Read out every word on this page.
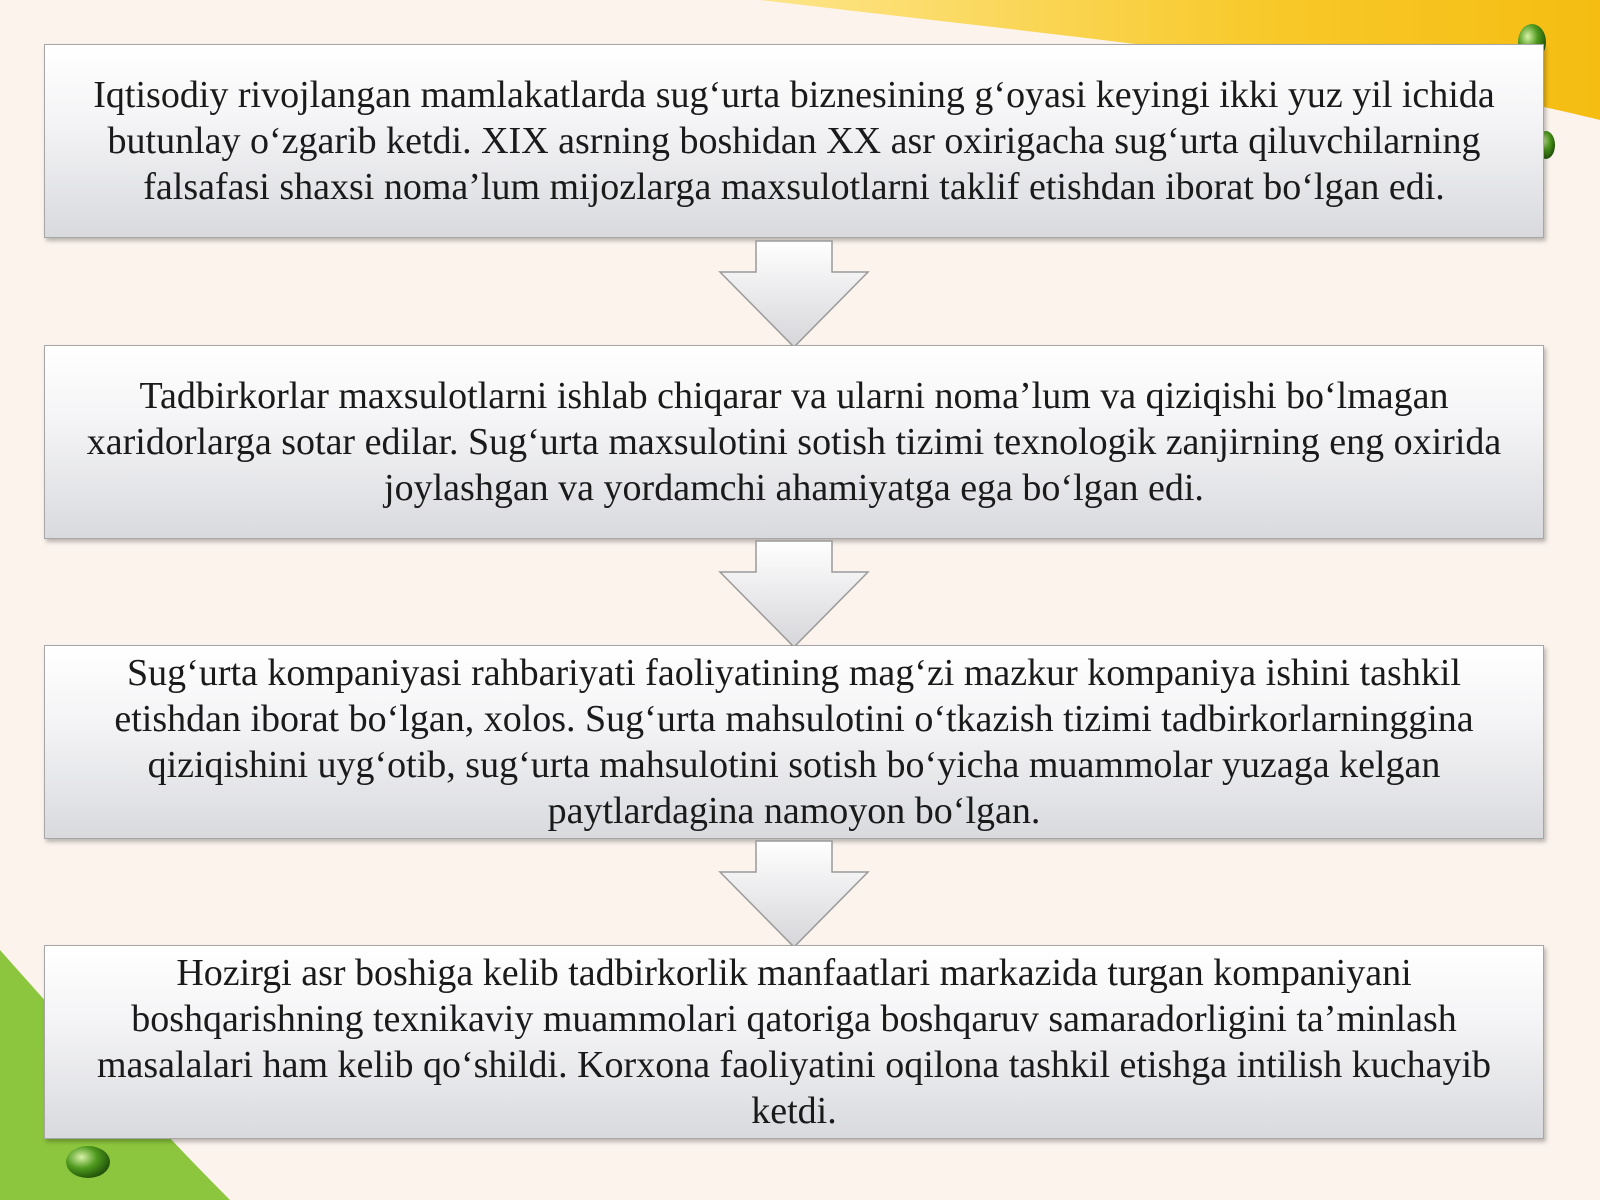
Iqtisodiy rivojlangan mamlakatlarda sug‘urta biznesining g‘oyasi keyingi ikki yuz yil ichida butunlay o‘zgarib ketdi. XIX asrning boshidan XX asr oxirigacha sug‘urta qiluvchilarning falsafasi shaxsi noma’lum mijozlarga maxsulotlarni taklif etishdan iborat bo‘lgan edi.
Tadbirkorlar maxsulotlarni ishlab chiqarar va ularni noma’lum va qiziqishi bo‘lmagan xaridorlarga sotar edilar. Sug‘urta maxsulotini sotish tizimi texnologik zanjirning eng oxirida joylashgan va yordamchi ahamiyatga ega bo‘lgan edi.
Sug‘urta kompaniyasi rahbariyati faoliyatining mag‘zi mazkur kompaniya ishini tashkil etishdan iborat bo‘lgan, xolos. Sug‘urta mahsulotini o‘tkazish tizimi tadbirkorlarninggina qiziqishini uyg‘otib, sug‘urta mahsulotini sotish bo‘yicha muammolar yuzaga kelgan paytlardagina namoyon bo‘lgan.
Hozirgi asr boshiga kelib tadbirkorlik manfaatlari markazida turgan kompaniyani boshqarishning texnikaviy muammolari qatoriga boshqaruv samaradorligini ta’minlash masalalari ham kelib qo‘shildi. Korxona faoliyatini oqilona tashkil etishga intilish kuchayib ketdi.
